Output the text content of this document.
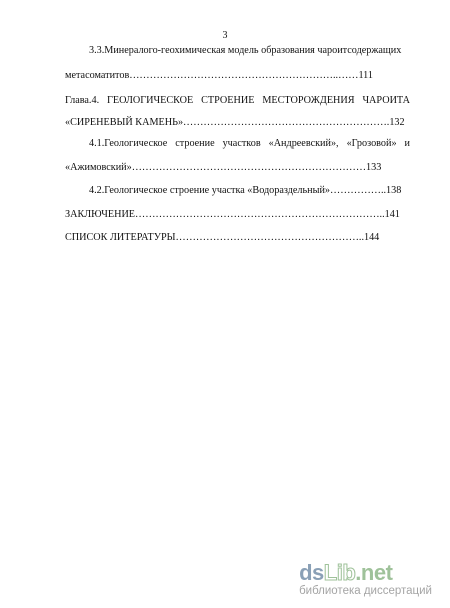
3
3.3.Минералого-геохимическая модель образования чароитсодержащих
метасоматитов……………………………………………………..……111
Глава.4. ГЕОЛОГИЧЕСКОЕ СТРОЕНИЕ МЕСТОРОЖДЕНИЯ ЧАРОИТА
«СИРЕНЕВЫЙ КАМЕНЬ»…………………………………………………….132
4.1.Геологическое строение участков «Андреевский», «Грозовой» и
«Ажимовский»……………………………………………………………133
4.2.Геологическое строение участка «Водораздельный»……………..138
ЗАКЛЮЧЕНИЕ………………………………………………………………..141
СПИСОК ЛИТЕРАТУРЫ………………………………………………..144
dsLib.net
библиотека диссертаций
